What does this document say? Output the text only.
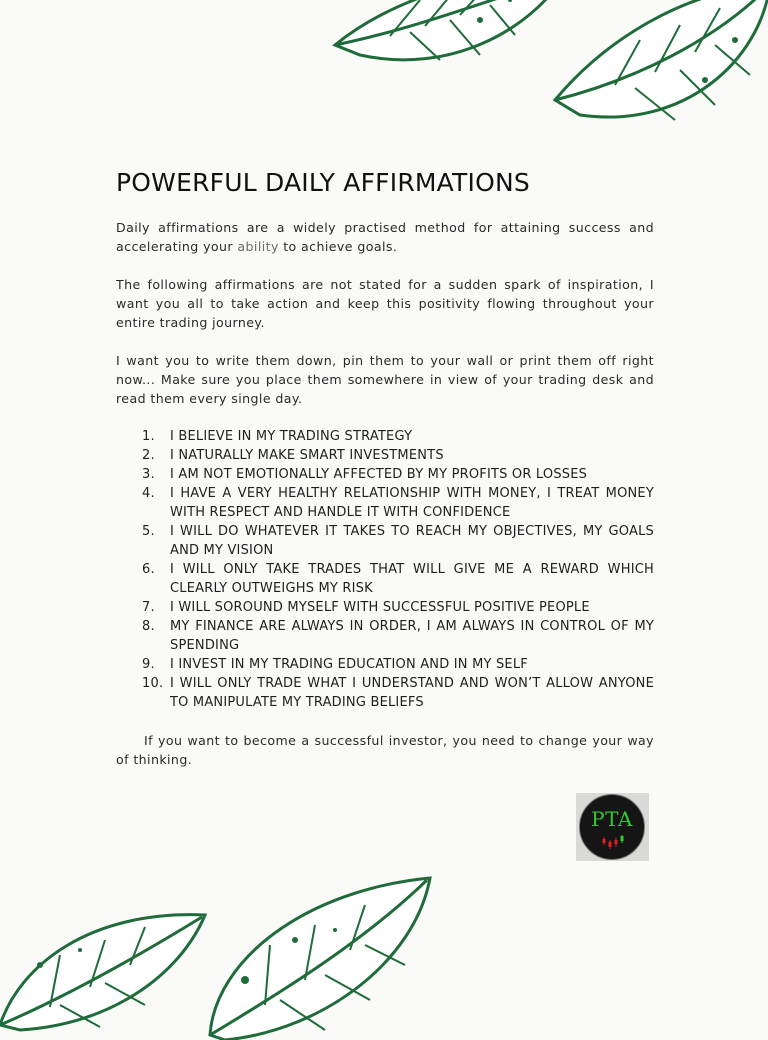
POWERFUL DAILY AFFIRMATIONS

Daily affirmations are a widely practised method for attaining success and accelerating your ability to achieve goals.

The following affirmations are not stated for a sudden spark of inspiration, I want you all to take action and keep this positivity flowing throughout your entire trading journey.

I want you to write them down, pin them to your wall or print them off right now... Make sure you place them somewhere in view of your trading desk and read them every single day.

1.	I BELIEVE IN MY TRADING STRATEGY
2.	I NATURALLY MAKE SMART INVESTMENTS
3.	I AM NOT EMOTIONALLY AFFECTED BY MY PROFITS OR LOSSES
4.	I HAVE A VERY HEALTHY RELATIONSHIP WITH MONEY, I TREAT MONEY WITH RESPECT AND HANDLE IT WITH CONFIDENCE
5.	I WILL DO WHATEVER IT TAKES TO REACH MY OBJECTIVES, MY GOALS AND MY VISION
6.	I WILL ONLY TAKE TRADES THAT WILL GIVE ME A REWARD WHICH CLEARLY OUTWEIGHS MY RISK
7.	I WILL SOROUND MYSELF WITH SUCCESSFUL POSITIVE PEOPLE
8.	MY FINANCE ARE ALWAYS IN ORDER, I AM ALWAYS IN CONTROL OF MY SPENDING
9.	I INVEST IN MY TRADING EDUCATION AND IN MY SELF
10. I WILL ONLY TRADE WHAT I UNDERSTAND AND WON’T ALLOW ANYONE TO MANIPULATE MY TRADING BELIEFS

If you want to become a successful investor, you need to change your way of thinking.

PTA
